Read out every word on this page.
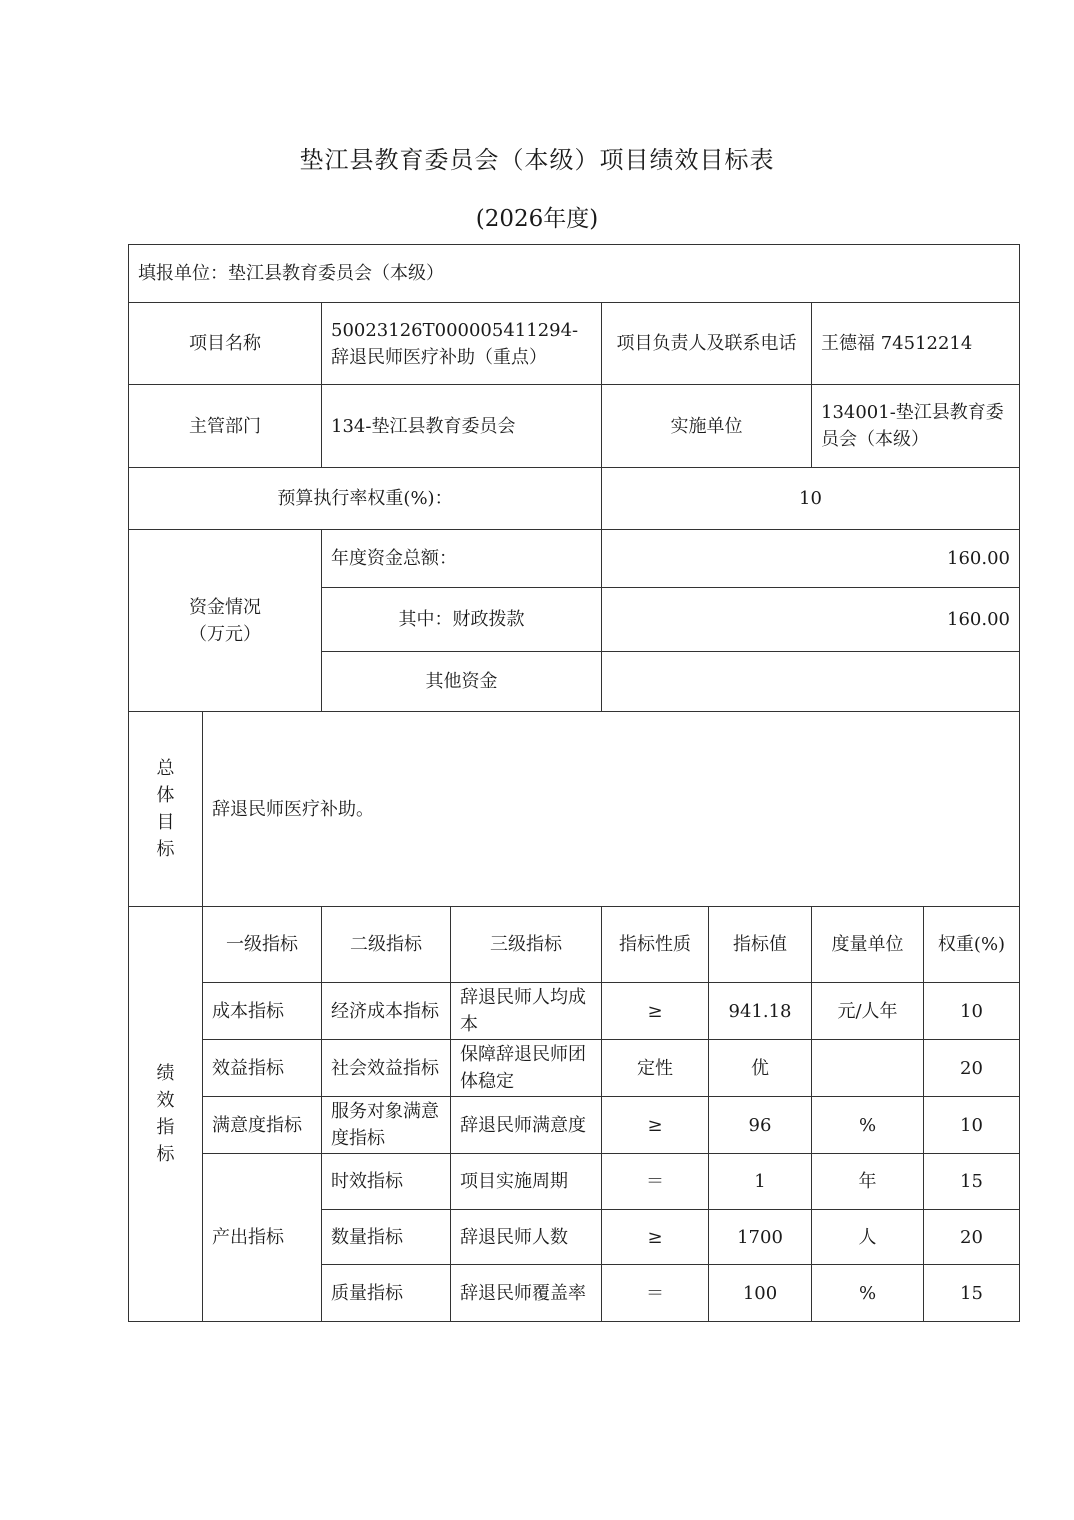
垫江县教育委员会（本级）项目绩效目标表
(2026年度)
填报单位：垫江县教育委员会（本级）							
项目名称		50023126T000005411294-辞退民师医疗补助（重点）		项目负责人及联系电话		王德福 74512214	
主管部门		134-垫江县教育委员会		实施单位		134001-垫江县教育委员会（本级）	
预算执行率权重(%)：				10			
资金情况（万元）		年度资金总额：		160.00			
		其中：财政拨款		160.00			
		其他资金					

总
体
目
标	辞退民师医疗补助。						

绩
效
指
标	一级指标	二级指标	三级指标	指标性质	指标值	度量单位	权重(%)
	成本指标	经济成本指标	辞退民师人均成本	≥	941.18	元/人年	10
	效益指标	社会效益指标	保障辞退民师团体稳定	定性	优		20
	满意度指标	服务对象满意度指标	辞退民师满意度	≥	96	%	10
	产出指标	时效指标	项目实施周期	＝	1	年	15
		数量指标	辞退民师人数	≥	1700	人	20
		质量指标	辞退民师覆盖率	＝	100	%	15
